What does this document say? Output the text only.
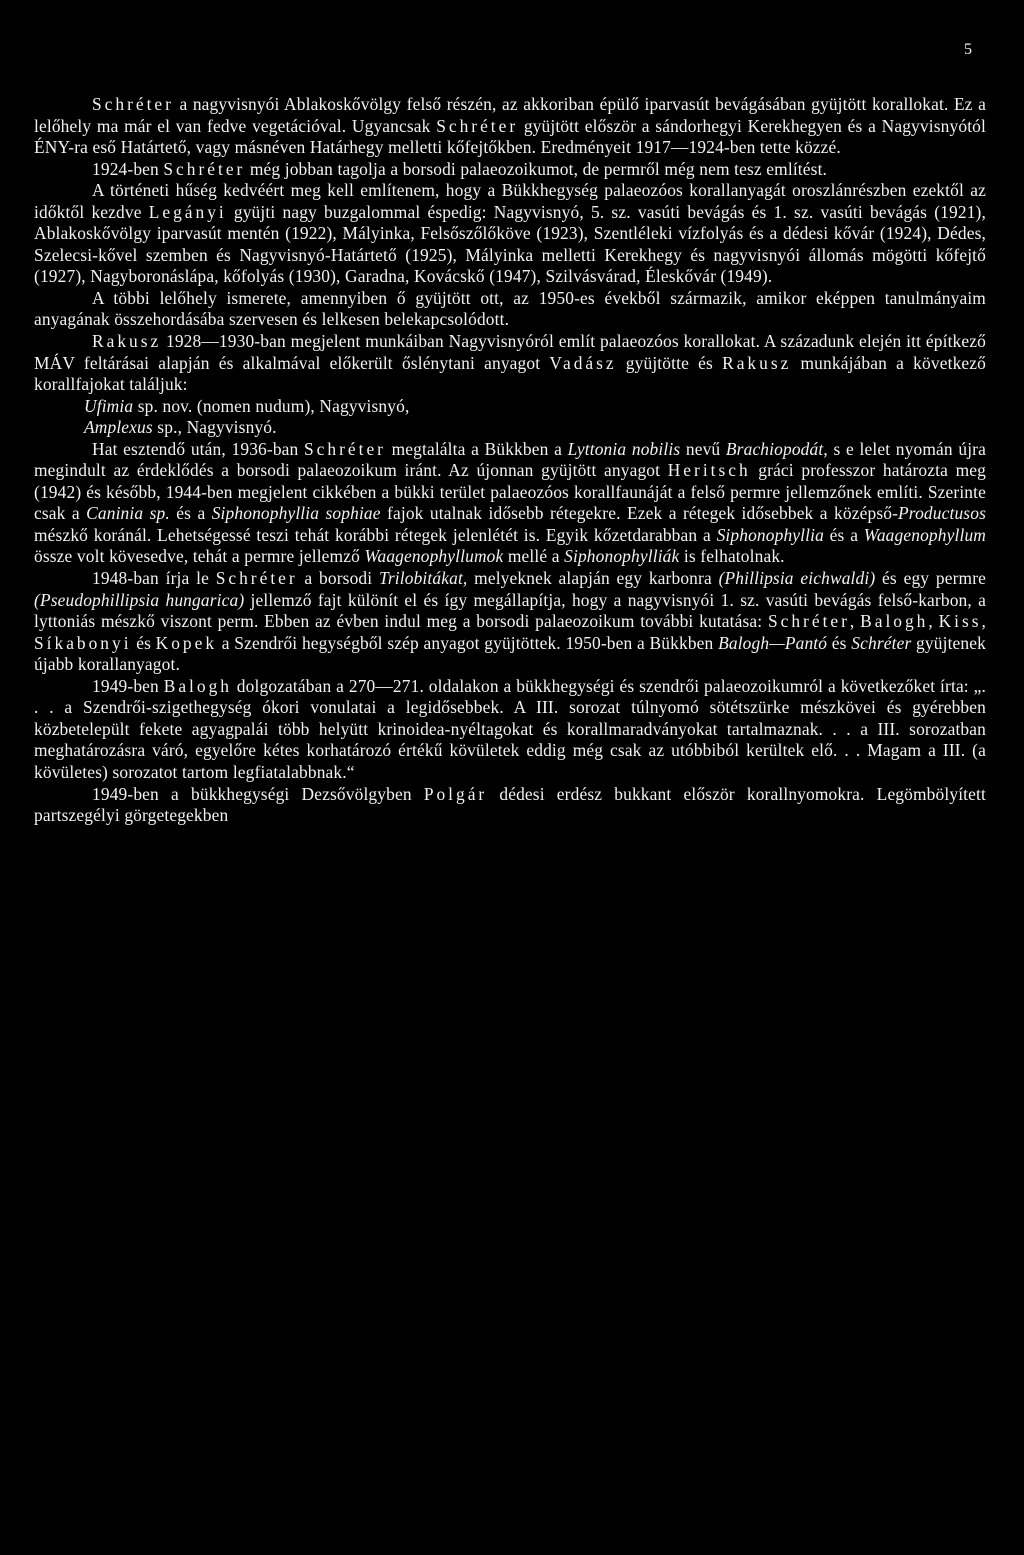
5

Schréter a nagyvisnyói Ablakoskővölgy felső részén, az akkoriban épülő iparvasút bevágásában gyüjtött korallokat. Ez a lelőhely ma már el van fedve vegetációval. Ugyancsak Schréter gyüjtött először a sándorhegyi Kerekhegyen és a Nagyvisnyótól ÉNY-ra eső Határtető, vagy másnéven Határhegy melletti kőfejtőkben. Eredményeit 1917—1924-ben tette közzé.

1924-ben Schréter még jobban tagolja a borsodi palaeozoikumot, de permről még nem tesz említést.

A történeti hűség kedvéért meg kell említenem, hogy a Bükkhegység palaeozóos korallanyagát oroszlánrészben ezektől az időktől kezdve Legányi gyüjti nagy buzgalommal éspedig: Nagyvisnyó, 5. sz. vasúti bevágás és 1. sz. vasúti bevágás (1921), Ablakoskővölgy iparvasút mentén (1922), Mályinka, Felsőszőlőköve (1923), Szentléleki vízfolyás és a dédesi kővár (1924), Dédes, Szelecsi-kővel szemben és Nagyvisnyó-Határtető (1925), Mályinka melletti Kerekhegy és nagyvisnyói állomás mögötti kőfejtő (1927), Nagyboronáslápa, kőfolyás (1930), Garadna, Kovácskő (1947), Szilvásvárad, Éleskővár (1949).

A többi lelőhely ismerete, amennyiben ő gyüjtött ott, az 1950-es évekből származik, amikor eképpen tanulmányaim anyagának összehordásába szervesen és lelkesen belekapcsolódott.

Rakusz 1928—1930-ban megjelent munkáiban Nagyvisnyóról említ palaeozóos korallokat. A századunk elején itt építkező MÁV feltárásai alapján és alkalmával előkerült őslénytani anyagot Vadász gyüjtötte és Rakusz munkájában a következő korallfajokat találjuk:

Ufimia sp. nov. (nomen nudum), Nagyvisnyó,

Amplexus sp., Nagyvisnyó.

Hat esztendő után, 1936-ban Schréter megtalálta a Bükkben a Lyttonia nobilis nevű Brachiopodát, s e lelet nyomán újra megindult az érdeklődés a borsodi palaeozoikum iránt. Az újonnan gyüjtött anyagot Heritsch gráci professzor határozta meg (1942) és később, 1944-ben megjelent cikkében a bükki terület palaeozóos korallfaunáját a felső permre jellemzőnek említi. Szerinte csak a Caninia sp. és a Siphonophyllia sophiae fajok utalnak idősebb rétegekre. Ezek a rétegek idősebbek a középső-Productusos mészkő koránál. Lehetségessé teszi tehát korábbi rétegek jelenlétét is. Egyik kőzetdarabban a Siphonophyllia és a Waagenophyllum össze volt kövesedve, tehát a permre jellemző Waagenophyllumok mellé a Siphonophylliák is felhatolnak.

1948-ban írja le Schréter a borsodi Trilobitákat, melyeknek alapján egy karbonra (Phillipsia eichwaldi) és egy permre (Pseudophillipsia hungarica) jellemző fajt különít el és így megállapítja, hogy a nagyvisnyói 1. sz. vasúti bevágás felső-karbon, a lyttoniás mészkő viszont perm. Ebben az évben indul meg a borsodi palaeozoikum további kutatása: Schréter, Balogh, Kiss, Síkabonyi és Kopek a Szendrői hegységből szép anyagot gyüjtöttek. 1950-ben a Bükkben Balogh—Pantó és Schréter gyüjtenek újabb korallanyagot.

1949-ben Balogh dolgozatában a 270—271. oldalakon a bükkhegységi és szendrői palaeozoikumról a következőket írta: „. . . a Szendrői-szigethegység ókori vonulatai a legidősebbek. A III. sorozat túlnyomó sötétszürke mészkövei és gyérebben közbetelepült fekete agyagpalái több helyütt krinoideа-nyéltagokat és korallmaradványokat tartalmaznak. . . a III. sorozatban meghatározásra váró, egyelőre kétes korhatározó értékű kövületek eddig még csak az utóbbiból kerültek elő. . . Magam a III. (a kövületes) sorozatot tartom legfiatalabbnak.“

1949-ben a bükkhegységi Dezsővölgyben Polgár dédesi erdész bukkant először korallnyomokra. Legömbölyített partszegélyi görgetegekben
